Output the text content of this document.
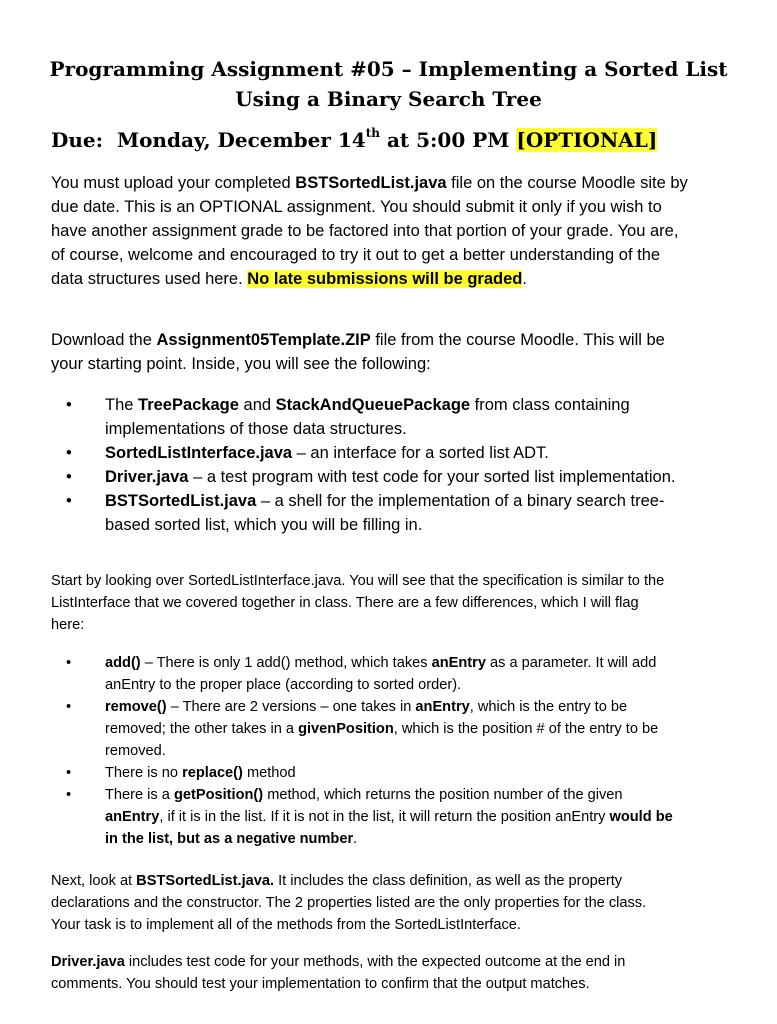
Programming Assignment #05 – Implementing a Sorted List
Using a Binary Search Tree
Due: Monday, December 14th at 5:00 PM [OPTIONAL]
You must upload your completed BSTSortedList.java file on the course Moodle site by
due date. This is an OPTIONAL assignment. You should submit it only if you wish to
have another assignment grade to be factored into that portion of your grade. You are,
of course, welcome and encouraged to try it out to get a better understanding of the
data structures used here. No late submissions will be graded.
Download the Assignment05Template.ZIP file from the course Moodle. This will be
your starting point. Inside, you will see the following:
• The TreePackage and StackAndQueuePackage from class containing
implementations of those data structures.
• SortedListInterface.java – an interface for a sorted list ADT.
• Driver.java – a test program with test code for your sorted list implementation.
• BSTSortedList.java – a shell for the implementation of a binary search tree-
based sorted list, which you will be filling in.
Start by looking over SortedListInterface.java. You will see that the specification is similar to the
ListInterface that we covered together in class. There are a few differences, which I will flag
here:
• add() – There is only 1 add() method, which takes anEntry as a parameter. It will add
anEntry to the proper place (according to sorted order).
• remove() – There are 2 versions – one takes in anEntry, which is the entry to be
removed; the other takes in a givenPosition, which is the position # of the entry to be
removed.
• There is no replace() method
• There is a getPosition() method, which returns the position number of the given
anEntry, if it is in the list. If it is not in the list, it will return the position anEntry would be
in the list, but as a negative number.
Next, look at BSTSortedList.java. It includes the class definition, as well as the property
declarations and the constructor. The 2 properties listed are the only properties for the class.
Your task is to implement all of the methods from the SortedListInterface.
Driver.java includes test code for your methods, with the expected outcome at the end in
comments. You should test your implementation to confirm that the output matches.
